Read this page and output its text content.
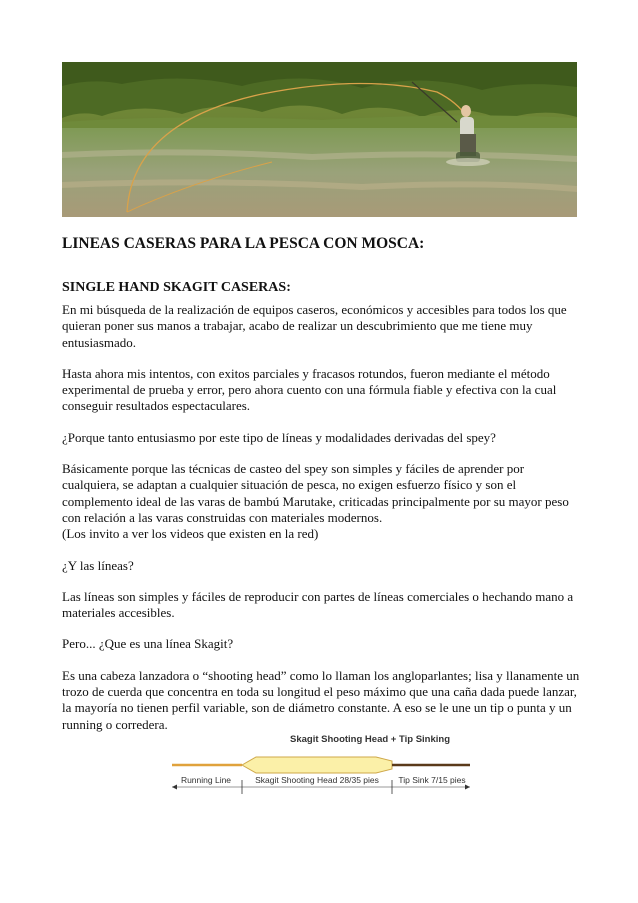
LINEAS CASERAS PARA LA PESCA CON MOSCA:
SINGLE HAND SKAGIT CASERAS:

En mi búsqueda de la realización de equipos caseros, económicos y accesibles para todos los que quieran poner sus manos a trabajar, acabo de realizar un descubrimiento que me tiene muy entusiasmado.

Hasta ahora mis intentos, con exitos parciales y fracasos rotundos, fueron mediante el método experimental de prueba y error, pero ahora cuento con una fórmula fiable y efectiva con la cual conseguir resultados espectaculares.

¿Porque tanto entusiasmo por este tipo de líneas y modalidades derivadas del spey?

Básicamente porque las técnicas de casteo del spey son simples y fáciles de aprender por cualquiera, se adaptan a cualquier situación de pesca, no exigen esfuerzo físico y son el complemento ideal de las varas de bambú Marutake, criticadas principalmente por su mayor peso con relación a las varas construidas con materiales modernos.

(Los invito a ver los videos que existen en la red)

¿Y las líneas?

Las líneas son simples y fáciles de reproducir con partes de líneas comerciales o hechando mano a materiales accesibles.

Pero... ¿Que es una línea Skagit?

Es una cabeza lanzadora o “shooting head” como lo llaman los angloparlantes; lisa y llanamente un trozo de cuerda que concentra en toda su longitud el peso máximo que una caña dada puede lanzar, la mayoría no tienen perfil variable, son de diámetro constante. A eso se le une un tip o punta y un running o corredera.

Skagit Shooting Head + Tip Sinking
Running Line	Skagit Shooting Head 28/35 pies Tip Sink 7/15 pies
